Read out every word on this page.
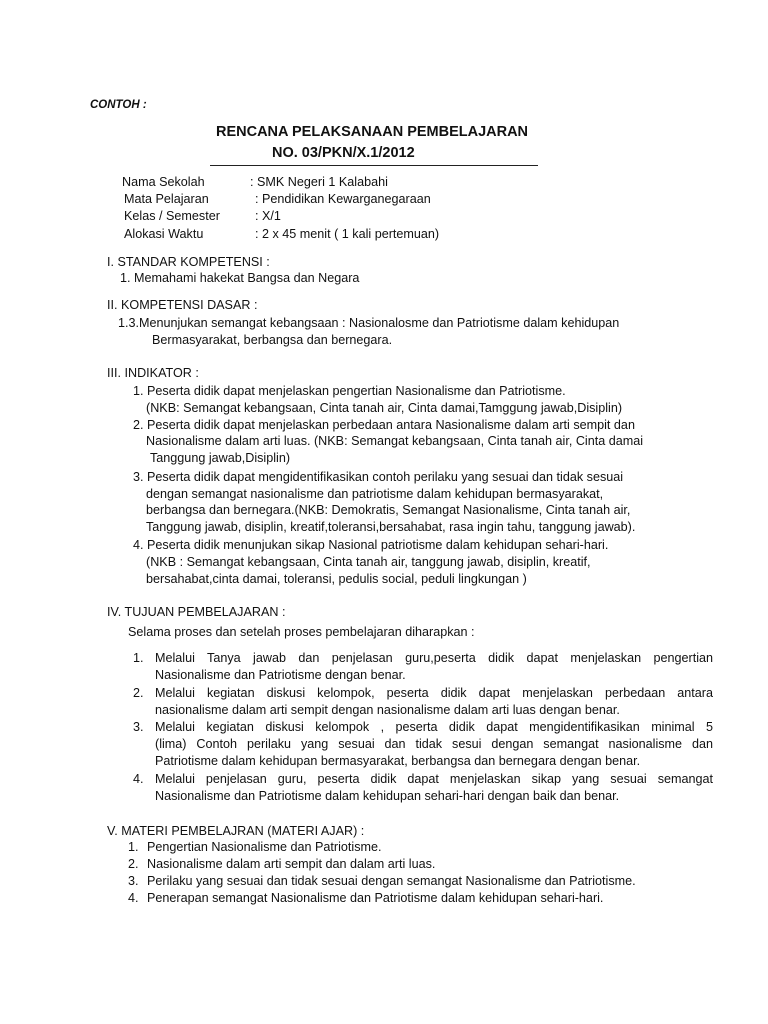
CONTOH :
RENCANA PELAKSANAAN PEMBELAJARAN
NO. 03/PKN/X.1/2012
Nama Sekolah	: SMK Negeri 1 Kalabahi
Mata Pelajaran	: Pendidikan Kewarganegaraan
Kelas / Semester	: X/1
Alokasi Waktu	: 2 x 45 menit ( 1 kali pertemuan)
I. STANDAR KOMPETENSI :
1. Memahami hakekat Bangsa dan Negara
II. KOMPETENSI DASAR :
1.3.Menunjukan semangat kebangsaan : Nasionalosme dan Patriotisme dalam kehidupan
Bermasyarakat, berbangsa dan bernegara.
III. INDIKATOR :
1. Peserta didik dapat menjelaskan pengertian Nasionalisme dan Patriotisme.
(NKB: Semangat kebangsaan, Cinta tanah air, Cinta damai,Tamggung jawab,Disiplin)
2. Peserta didik dapat menjelaskan perbedaan antara Nasionalisme dalam arti sempit dan
Nasionalisme dalam arti luas. (NKB: Semangat kebangsaan, Cinta tanah air, Cinta damai
Tanggung jawab,Disiplin)
3. Peserta didik dapat mengidentifikasikan contoh perilaku yang sesuai dan tidak sesuai
dengan semangat nasionalisme dan patriotisme dalam kehidupan bermasyarakat,
berbangsa dan bernegara.(NKB: Demokratis, Semangat Nasionalisme, Cinta tanah air,
Tanggung jawab, disiplin, kreatif,toleransi,bersahabat, rasa ingin tahu, tanggung jawab).
4. Peserta didik menunjukan sikap Nasional patriotisme dalam kehidupan sehari-hari.
(NKB : Semangat kebangsaan, Cinta tanah air, tanggung jawab, disiplin, kreatif,
bersahabat,cinta damai, toleransi, pedulis social, peduli lingkungan )
IV. TUJUAN PEMBELAJARAN :
Selama proses dan setelah proses pembelajaran diharapkan :
1. Melalui Tanya jawab dan penjelasan guru,peserta didik dapat menjelaskan pengertian
Nasionalisme dan Patriotisme dengan benar.
2. Melalui kegiatan diskusi kelompok, peserta didik dapat menjelaskan perbedaan antara
nasionalisme dalam arti sempit dengan nasionalisme dalam arti luas dengan benar.
3. Melalui kegiatan diskusi kelompok , peserta didik dapat mengidentifikasikan minimal 5
(lima) Contoh perilaku yang sesuai dan tidak sesui dengan semangat nasionalisme dan
Patriotisme dalam kehidupan bermasyarakat, berbangsa dan bernegara dengan benar.
4. Melalui penjelasan guru, peserta didik dapat menjelaskan sikap yang sesuai semangat
Nasionalisme dan Patriotisme dalam kehidupan sehari-hari dengan baik dan benar.
V. MATERI PEMBELAJRAN (MATERI AJAR) :
1. Pengertian Nasionalisme dan Patriotisme.
2. Nasionalisme dalam arti sempit dan dalam arti luas.
3. Perilaku yang sesuai dan tidak sesuai dengan semangat Nasionalisme dan Patriotisme.
4. Penerapan semangat Nasionalisme dan Patriotisme dalam kehidupan sehari-hari.
